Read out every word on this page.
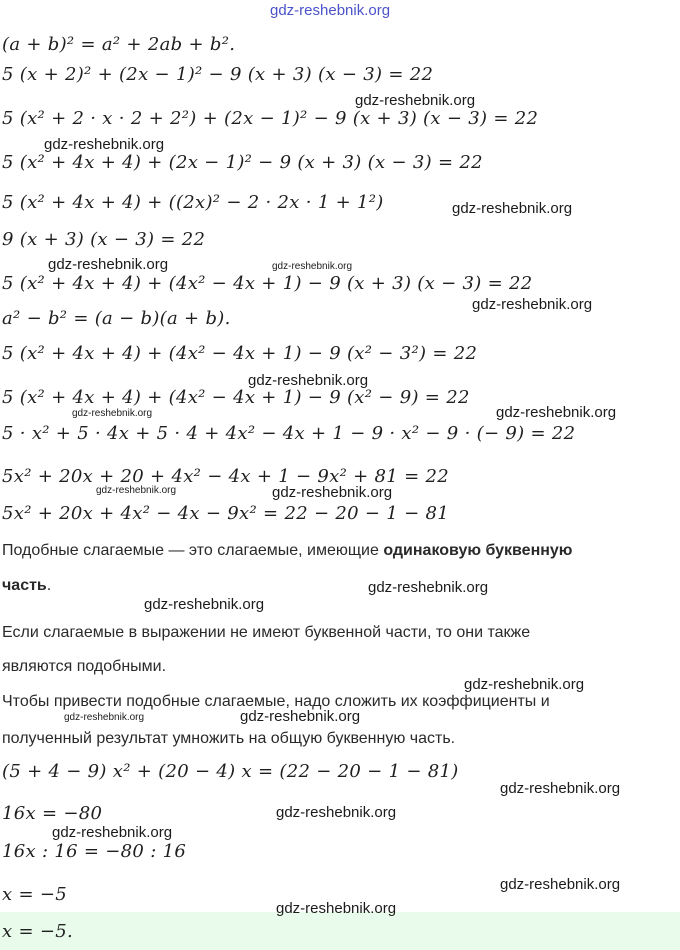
gdz-reshebnik.org
(a + b)² = a² + 2ab + b².
5 (x + 2)² + (2x − 1)² − 9 (x + 3) (x − 3) = 22
5 (x² + 2 · x · 2 + 2²) + (2x − 1)² − 9 (x + 3) (x − 3) = 22
5 (x² + 4x + 4) + (2x − 1)² − 9 (x + 3) (x − 3) = 22
5 (x² + 4x + 4) + ((2x)² − 2 · 2x · 1 + 1²)
9 (x + 3) (x − 3) = 22
5 (x² + 4x + 4) + (4x² − 4x + 1) − 9 (x + 3) (x − 3) = 22
a² − b² = (a − b)(a + b).
5 (x² + 4x + 4) + (4x² − 4x + 1) − 9 (x² − 3²) = 22
5 (x² + 4x + 4) + (4x² − 4x + 1) − 9 (x² − 9) = 22
5 · x² + 5 · 4x + 5 · 4 + 4x² − 4x + 1 − 9 · x² − 9 · (− 9) = 22
5x² + 20x + 20 + 4x² − 4x + 1 − 9x² + 81 = 22
5x² + 20x + 4x² − 4x − 9x² = 22 − 20 − 1 − 81
Подобные слагаемые — это слагаемые, имеющие одинаковую буквенную
часть.
Если слагаемые в выражении не имеют буквенной части, то они также
являются подобными.
Чтобы привести подобные слагаемые, надо сложить их коэффициенты и
полученный результат умножить на общую буквенную часть.
(5 + 4 − 9) x² + (20 − 4) x = (22 − 20 − 1 − 81)
16x = −80
16x : 16 = −80 : 16
x = −5
x = −5.
gdz-reshebnik.org
gdz-reshebnik.org
gdz-reshebnik.org
gdz-reshebnik.org	gdz-reshebnik.org
gdz-reshebnik.org
gdz-reshebnik.org
gdz-reshebnik.org	gdz-reshebnik.org
gdz-reshebnik.org	gdz-reshebnik.org
gdz-reshebnik.org
gdz-reshebnik.org
gdz-reshebnik.org
gdz-reshebnik.org	gdz-reshebnik.org
gdz-reshebnik.org
gdz-reshebnik.org
gdz-reshebnik.org
gdz-reshebnik.org
gdz-reshebnik.org
